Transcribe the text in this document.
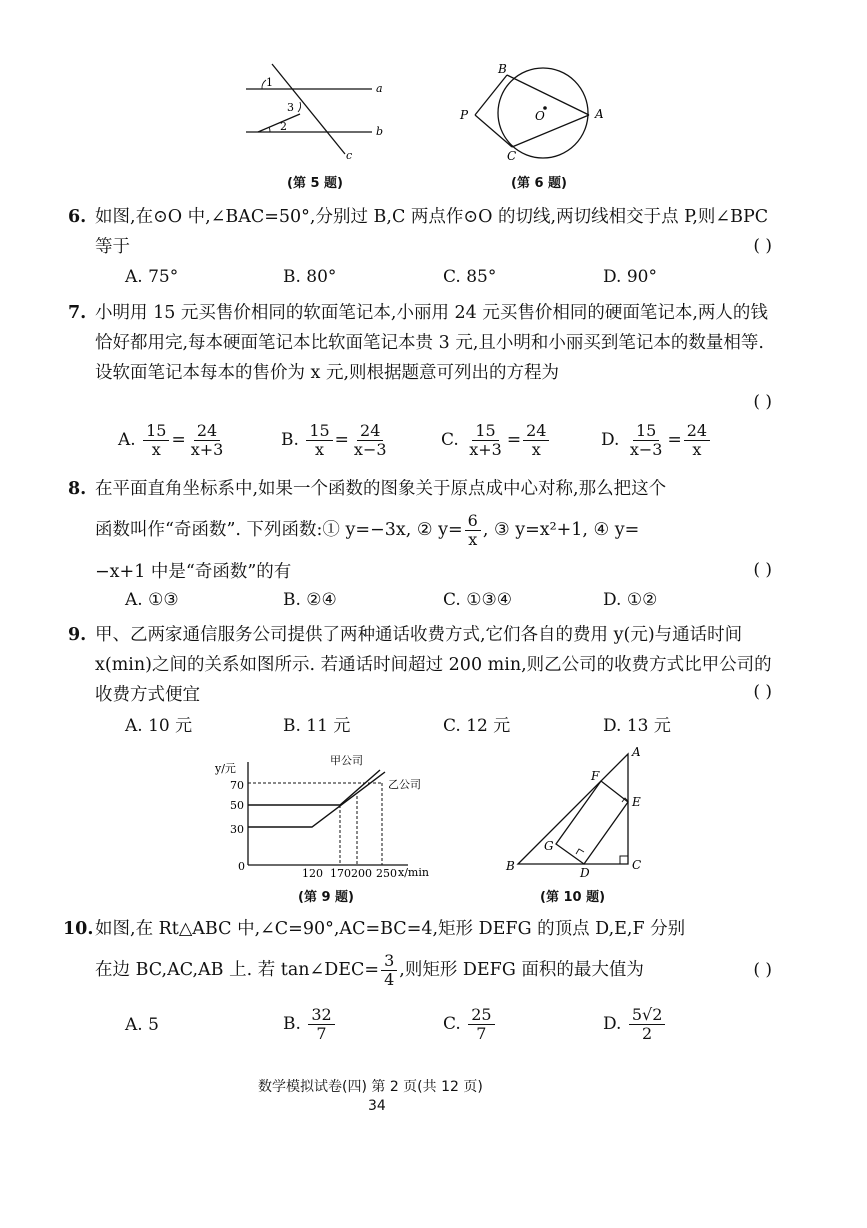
1
3
2
a
b
c
(第 5 题)
B
C
A
P	O
(第 6 题)
6. 如图,在⊙O 中,∠BAC=50°,分别过 B,C 两点作⊙O 的切线,两切线相交于点 P,则∠BPC 等于	( )
A. 75°	B. 80°	C. 85°	D. 90°
7. 小明用 15 元买售价相同的软面笔记本,小丽用 24 元买售价相同的硬面笔记本,两人的钱恰好都用完,每本硬面笔记本比软面笔记本贵 3 元,且小明和小丽买到笔记本的数量相等. 设软面笔记本每本的售价为 x 元,则根据题意可列出的方程为
( )
A. $\frac{15}{x} = \frac{24}{x+3}$	B. $\frac{15}{x} = \frac{24}{x-3}$	C. $\frac{15}{x+3} = \frac{24}{x}$	D. $\frac{15}{x-3} = \frac{24}{x}$
8. 在平面直角坐标系中,如果一个函数的图象关于原点成中心对称,那么把这个
函数叫作“奇函数”. 下列函数:① y=−3x, ② $y= \frac{6}{x}$ , ③ y=x²+1, ④ y=
−x+1 中是“奇函数”的有	( )
A. ①③	B. ②④	C. ①③④	D. ①②
9. 甲、乙两家通信服务公司提供了两种通话收费方式,它们各自的费用 y(元)与通话时间 x(min)之间的关系如图所示. 若通话时间超过 200 min,则乙公司的收费方式比甲公司的收费方式便宜	( )
A. 10 元	B. 11 元	C. 12 元	D. 13 元
y/元
x/min
70
50
30
0
120 170 200 250
甲公司
乙公司
(第 9 题)
A
B	C
D
E
F
G
(第 10 题)
10. 如图,在 Rt△ABC 中,∠C=90°,AC=BC=4,矩形 DEFG 的顶点 D,E,F 分别
在边 BC,AC,AB 上. 若 tan∠DEC= $\frac{3}{4}$ ,则矩形 DEFG 面积的最大值为	( )
A. 5	B. $\frac{32}{7}$	C. $\frac{25}{7}$	D. $\frac{5√2}{2}$
数学模拟试卷(四) 第 2 页(共 12 页)
34
